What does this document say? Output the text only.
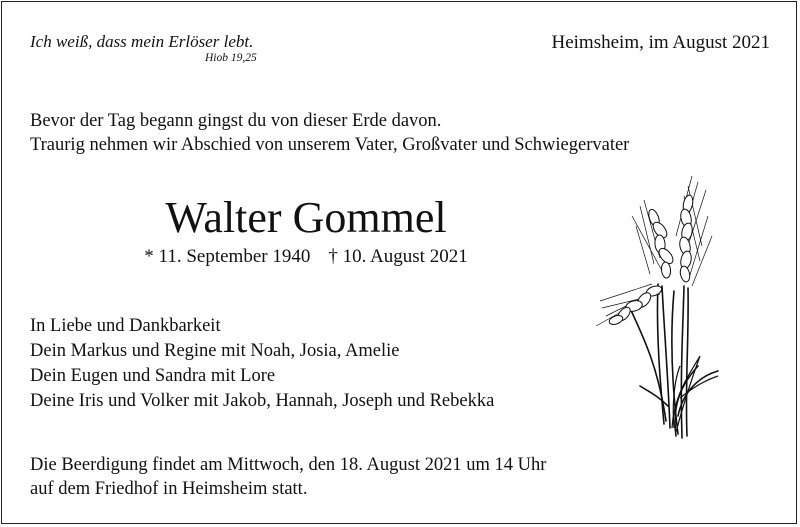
Ich weiß, dass mein Erlöser lebt.
Hiob 19,25
Heimsheim, im August 2021
Bevor der Tag begann gingst du von dieser Erde davon.
Traurig nehmen wir Abschied von unserem Vater, Großvater und Schwiegervater
Walter Gommel
* 11. September 1940 † 10. August 2021
In Liebe und Dankbarkeit
Dein Markus und Regine mit Noah, Josia, Amelie
Dein Eugen und Sandra mit Lore
Deine Iris und Volker mit Jakob, Hannah, Joseph und Rebekka
Die Beerdigung findet am Mittwoch, den 18. August 2021 um 14 Uhr
auf dem Friedhof in Heimsheim statt.
